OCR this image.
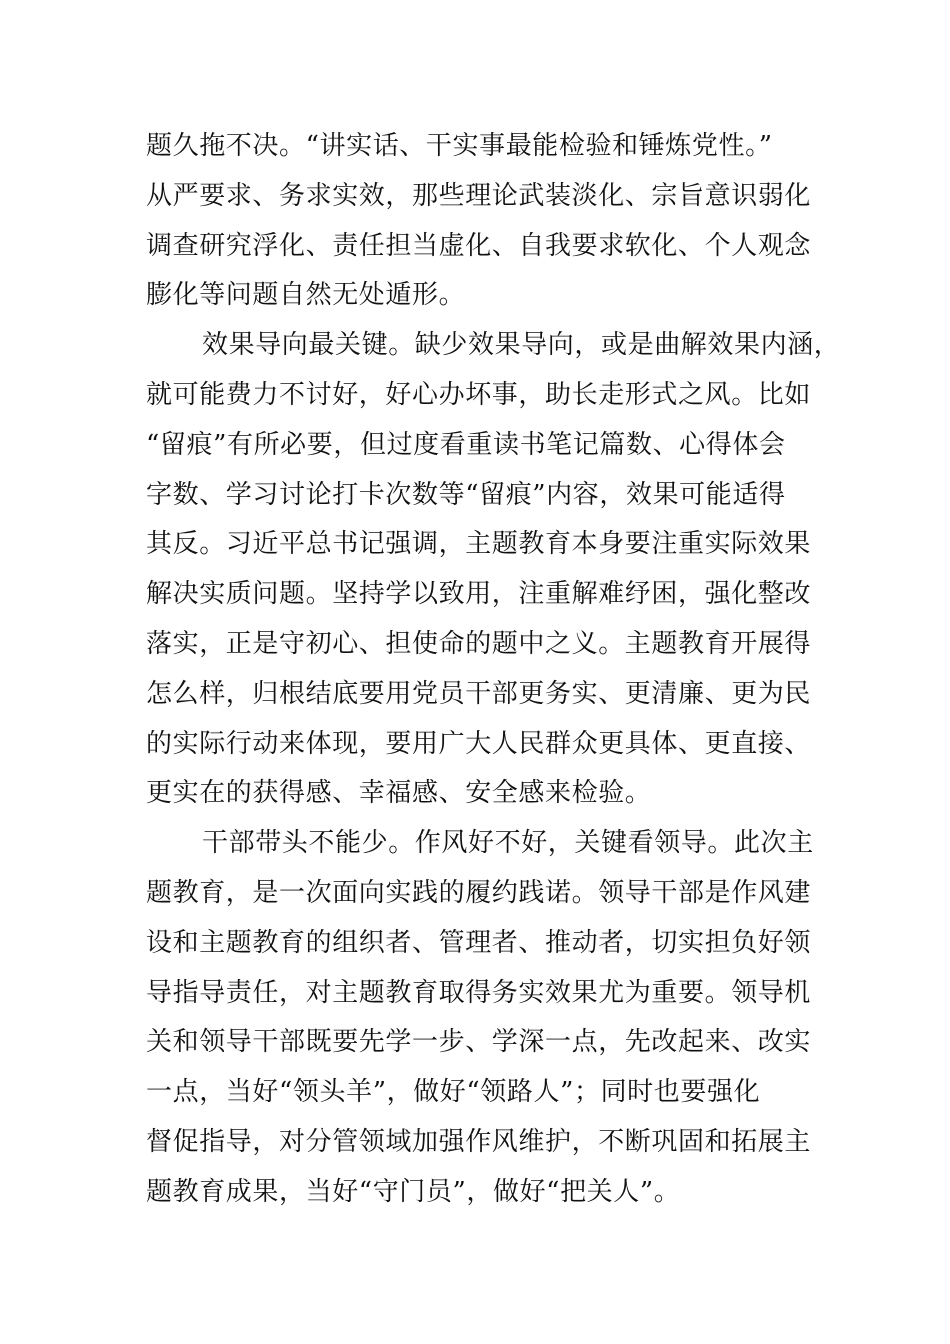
题久拖不决。“讲实话、干实事最能检验和锤炼党性。”
从严要求、务求实效，那些理论武装淡化、宗旨意识弱化
调查研究浮化、责任担当虚化、自我要求软化、个人观念
膨化等问题自然无处遁形。
效果导向最关键。缺少效果导向，或是曲解效果内涵，
就可能费力不讨好，好心办坏事，助长走形式之风。比如
“留痕”有所必要，但过度看重读书笔记篇数、心得体会
字数、学习讨论打卡次数等“留痕”内容，效果可能适得
其反。习近平总书记强调，主题教育本身要注重实际效果
解决实质问题。坚持学以致用，注重解难纾困，强化整改
落实，正是守初心、担使命的题中之义。主题教育开展得
怎么样，归根结底要用党员干部更务实、更清廉、更为民
的实际行动来体现，要用广大人民群众更具体、更直接、
更实在的获得感、幸福感、安全感来检验。
干部带头不能少。作风好不好，关键看领导。此次主
题教育，是一次面向实践的履约践诺。领导干部是作风建
设和主题教育的组织者、管理者、推动者，切实担负好领
导指导责任，对主题教育取得务实效果尤为重要。领导机
关和领导干部既要先学一步、学深一点，先改起来、改实
一点，当好“领头羊”，做好“领路人”；同时也要强化
督促指导，对分管领域加强作风维护，不断巩固和拓展主
题教育成果，当好“守门员”，做好“把关人”。
